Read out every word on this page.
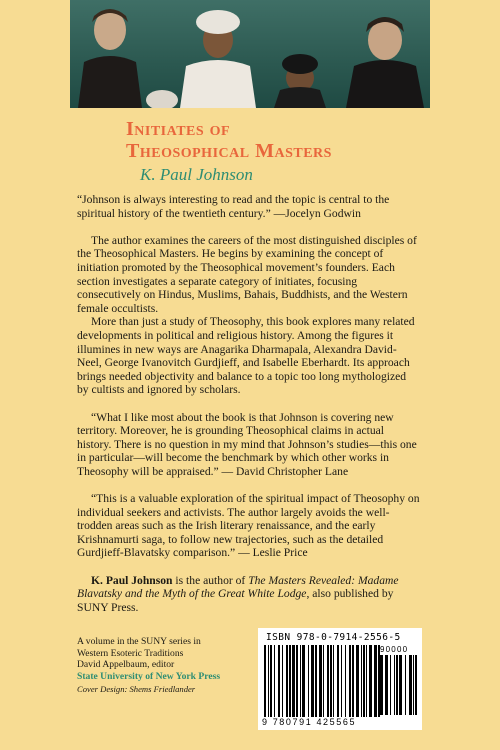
Initiates of
Theosophical Masters

K. Paul Johnson

“Johnson is always interesting to read and the topic is central to the spiritual history of the twentieth century.” —Jocelyn Godwin

The author examines the careers of the most distinguished disciples of the Theosophical Masters. He begins by examining the concept of initiation promoted by the Theosophical movement’s founders. Each section investigates a separate category of initiates, focusing consecutively on Hindus, Muslims, Bahais, Buddhists, and the Western female occultists.

More than just a study of Theosophy, this book explores many related developments in political and religious history. Among the figures it illumines in new ways are Anagarika Dharmapala, Alexandra David-Neel, George Ivanovitch Gurdjieff, and Isabelle Eberhardt. Its approach brings needed objectivity and balance to a topic too long mythologized by cultists and ignored by scholars.

“What I like most about the book is that Johnson is covering new territory. Moreover, he is grounding Theosophical claims in actual history. There is no question in my mind that Johnson’s studies—this one in particular—will become the benchmark by which other works in Theosophy will be appraised.” — David Christopher Lane

“This is a valuable exploration of the spiritual impact of Theosophy on individual seekers and activists. The author largely avoids the well-trodden areas such as the Irish literary renaissance, and the early Krishnamurti saga, to follow new trajectories, such as the detailed Gurdjieff-Blavatsky comparison.” — Leslie Price

K. Paul Johnson is the author of The Masters Revealed: Madame Blavatsky and the Myth of the Great White Lodge, also published by SUNY Press.

A volume in the SUNY series in
Western Esoteric Traditions
David Appelbaum, editor
State University of New York Press
Cover Design: Shems Friedlander
ISBN 978-0-7914-2556-5
90000
9 780791 425565
